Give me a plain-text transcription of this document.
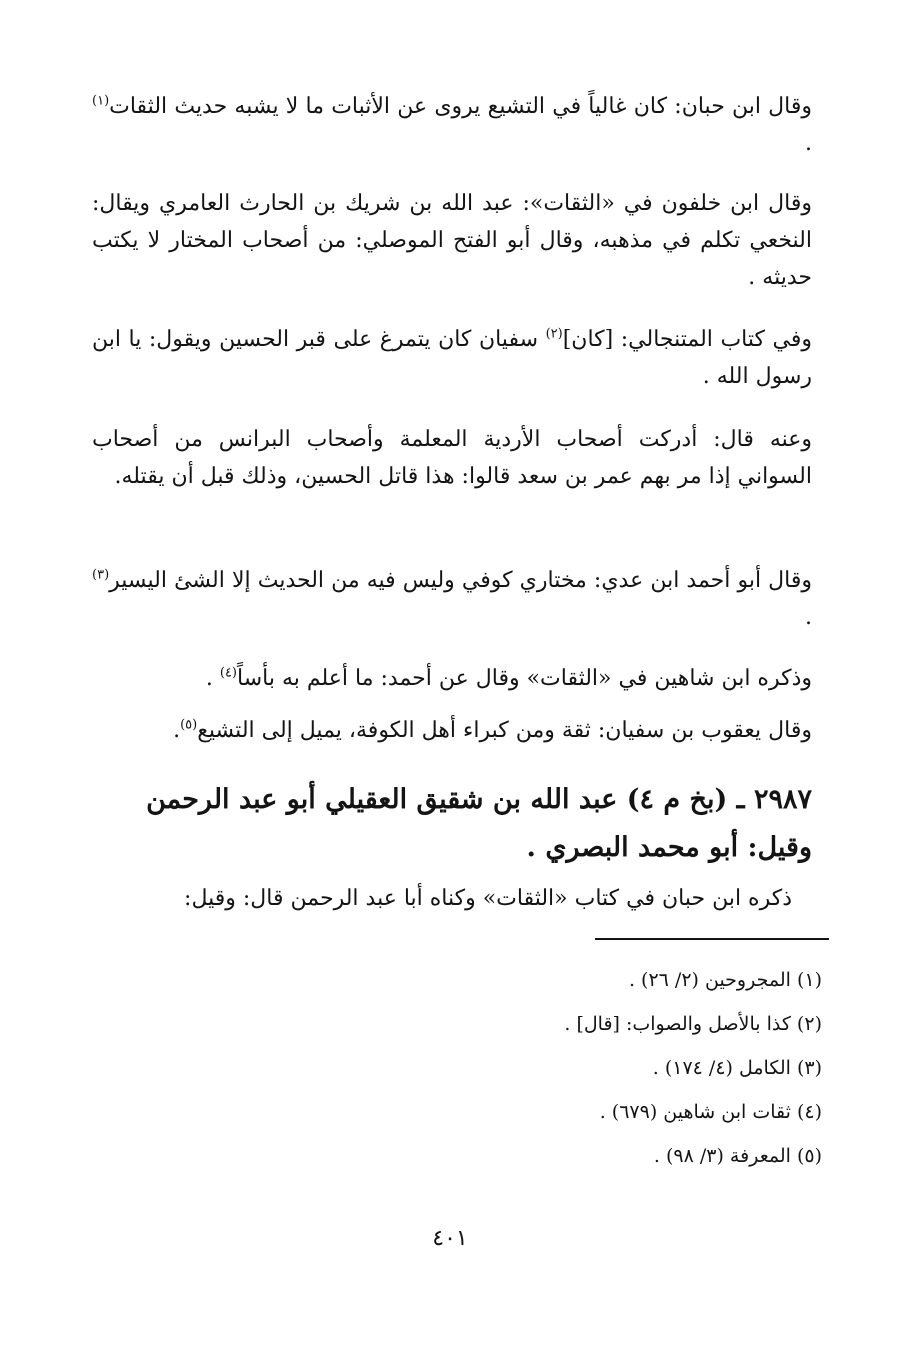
وقال ابن حبان: كان غالياً في التشيع يروى عن الأثبات ما لا يشبه حديث الثقات$^{(١)}$ .

وقال ابن خلفون في «الثقات»: عبد الله بن شريك بن الحارث العامري ويقال: النخعي تكلم في مذهبه، وقال أبو الفتح الموصلي: من أصحاب المختار لا يكتب حديثه .

وفي كتاب المتنجالي: [كان]$^{(٢)}$ سفيان كان يتمرغ على قبر الحسين ويقول: يا ابن رسول الله .

وعنه قال: أدركت أصحاب الأردية المعلمة وأصحاب البرانس من أصحاب السواني إذا مر بهم عمر بن سعد قالوا: هذا قاتل الحسين، وذلك قبل أن يقتله.

وقال أبو أحمد ابن عدي: مختاري كوفي وليس فيه من الحديث إلا الشئ اليسير$^{(٣)}$ .

وذكره ابن شاهين في «الثقات» وقال عن أحمد: ما أعلم به بأساً$^{(٤)}$ .

وقال يعقوب بن سفيان: ثقة ومن كبراء أهل الكوفة، يميل إلى التشيع$^{(٥)}$.

٢٩٨٧ ـ (بخ م ٤) عبد الله بن شقيق العقيلي أبو عبد الرحمن وقيل: أبو محمد البصري .

ذكره ابن حبان في كتاب «الثقات» وكناه أبا عبد الرحمن قال: وقيل:

(١) المجروحين (٢/ ٢٦) .
(٢) كذا بالأصل والصواب: [قال] .
(٣) الكامل (٤/ ١٧٤) .
(٤) ثقات ابن شاهين (٦٧٩) .
(٥) المعرفة (٣/ ٩٨) .
٤٠١
